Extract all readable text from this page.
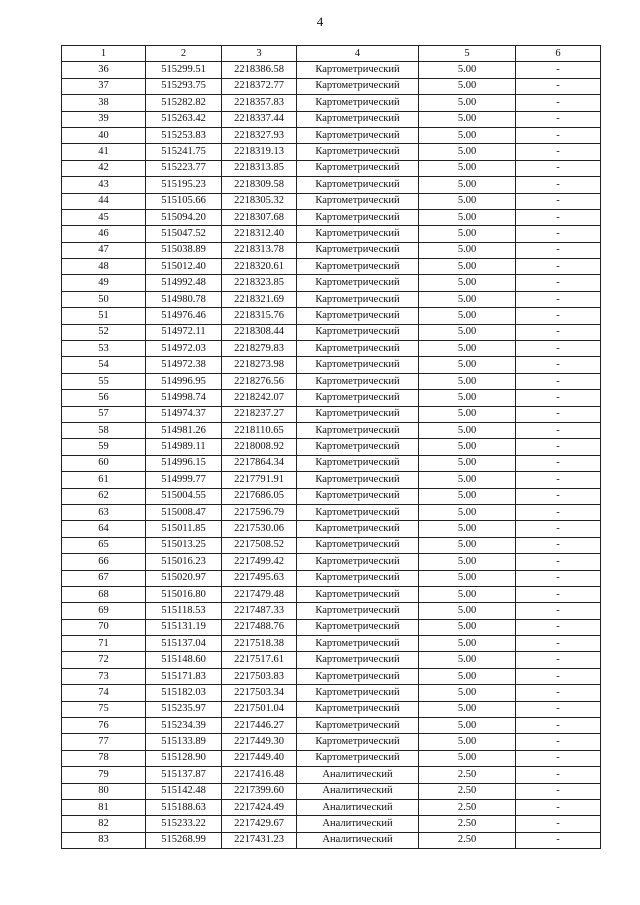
4
1	2	3	4	5	6
36	515299.51	2218386.58	Картометрический	5.00	-
37	515293.75	2218372.77	Картометрический	5.00	-
38	515282.82	2218357.83	Картометрический	5.00	-
39	515263.42	2218337.44	Картометрический	5.00	-
40	515253.83	2218327.93	Картометрический	5.00	-
41	515241.75	2218319.13	Картометрический	5.00	-
42	515223.77	2218313.85	Картометрический	5.00	-
43	515195.23	2218309.58	Картометрический	5.00	-
44	515105.66	2218305.32	Картометрический	5.00	-
45	515094.20	2218307.68	Картометрический	5.00	-
46	515047.52	2218312.40	Картометрический	5.00	-
47	515038.89	2218313.78	Картометрический	5.00	-
48	515012.40	2218320.61	Картометрический	5.00	-
49	514992.48	2218323.85	Картометрический	5.00	-
50	514980.78	2218321.69	Картометрический	5.00	-
51	514976.46	2218315.76	Картометрический	5.00	-
52	514972.11	2218308.44	Картометрический	5.00	-
53	514972.03	2218279.83	Картометрический	5.00	-
54	514972.38	2218273.98	Картометрический	5.00	-
55	514996.95	2218276.56	Картометрический	5.00	-
56	514998.74	2218242.07	Картометрический	5.00	-
57	514974.37	2218237.27	Картометрический	5.00	-
58	514981.26	2218110.65	Картометрический	5.00	-
59	514989.11	2218008.92	Картометрический	5.00	-
60	514996.15	2217864.34	Картометрический	5.00	-
61	514999.77	2217791.91	Картометрический	5.00	-
62	515004.55	2217686.05	Картометрический	5.00	-
63	515008.47	2217596.79	Картометрический	5.00	-
64	515011.85	2217530.06	Картометрический	5.00	-
65	515013.25	2217508.52	Картометрический	5.00	-
66	515016.23	2217499.42	Картометрический	5.00	-
67	515020.97	2217495.63	Картометрический	5.00	-
68	515016.80	2217479.48	Картометрический	5.00	-
69	515118.53	2217487.33	Картометрический	5.00	-
70	515131.19	2217488.76	Картометрический	5.00	-
71	515137.04	2217518.38	Картометрический	5.00	-
72	515148.60	2217517.61	Картометрический	5.00	-
73	515171.83	2217503.83	Картометрический	5.00	-
74	515182.03	2217503.34	Картометрический	5.00	-
75	515235.97	2217501.04	Картометрический	5.00	-
76	515234.39	2217446.27	Картометрический	5.00	-
77	515133.89	2217449.30	Картометрический	5.00	-
78	515128.90	2217449.40	Картометрический	5.00	-
79	515137.87	2217416.48	Аналитический	2.50	-
80	515142.48	2217399.60	Аналитический	2.50	-
81	515188.63	2217424.49	Аналитический	2.50	-
82	515233.22	2217429.67	Аналитический	2.50	-
83	515268.99	2217431.23	Аналитический	2.50	-
